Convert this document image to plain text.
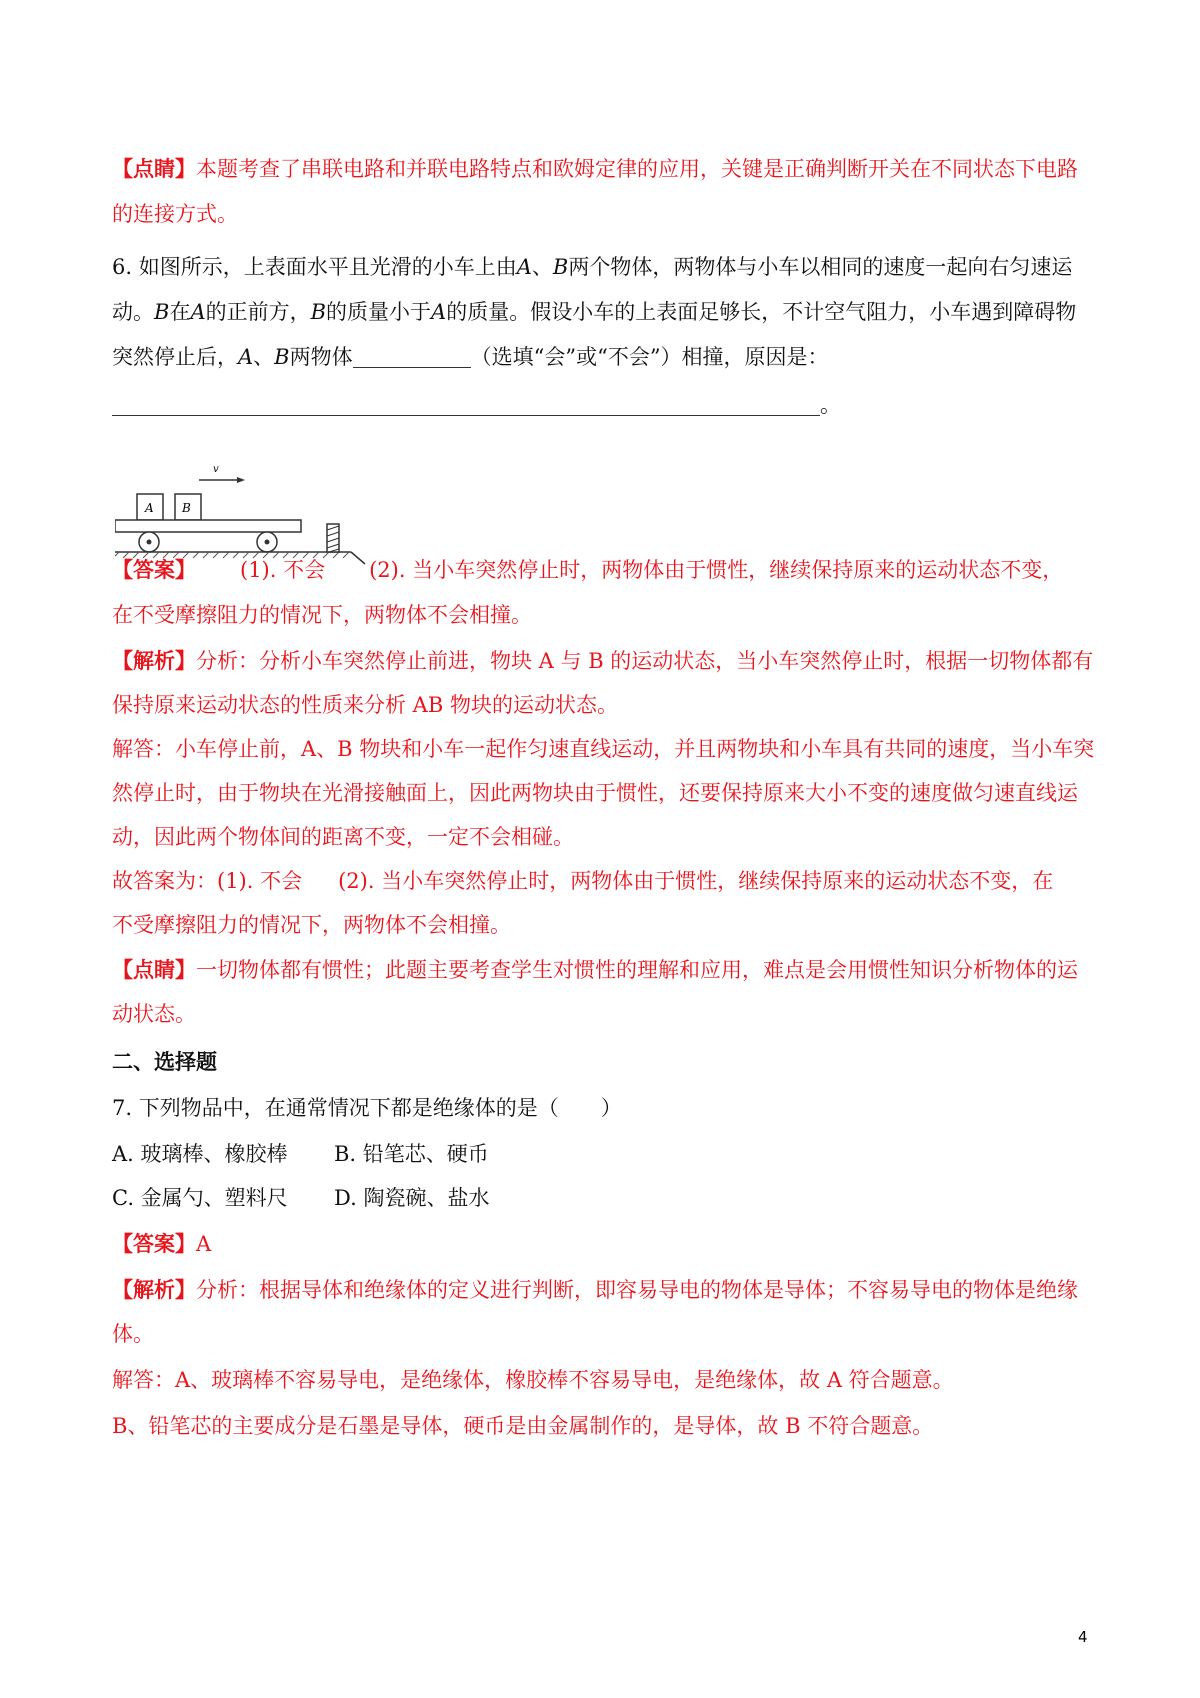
【点睛】本题考查了串联电路和并联电路特点和欧姆定律的应用，关键是正确判断开关在不同状态下电路
的连接方式。
6. 如图所示，上表面水平且光滑的小车上由A、B两个物体，两物体与小车以相同的速度一起向右匀速运
动。B在A的正前方，B的质量小于A的质量。假设小车的上表面足够长，不计空气阻力，小车遇到障碍物
突然停止后，A、B两物体	（选填“会”或“不会”）相撞，原因是：
。
v
A B
【答案】 (1). 不会 (2). 当小车突然停止时，两物体由于惯性，继续保持原来的运动状态不变，
在不受摩擦阻力的情况下，两物体不会相撞。
【解析】分析：分析小车突然停止前进，物块 A 与 B 的运动状态，当小车突然停止时，根据一切物体都有
保持原来运动状态的性质来分析 AB 物块的运动状态。
解答：小车停止前，A、B 物块和小车一起作匀速直线运动，并且两物块和小车具有共同的速度，当小车突
然停止时，由于物块在光滑接触面上，因此两物块由于惯性，还要保持原来大小不变的速度做匀速直线运
动，因此两个物体间的距离不变，一定不会相碰。
故答案为：(1). 不会 (2). 当小车突然停止时，两物体由于惯性，继续保持原来的运动状态不变，在
不受摩擦阻力的情况下，两物体不会相撞。
【点睛】一切物体都有惯性；此题主要考查学生对惯性的理解和应用，难点是会用惯性知识分析物体的运
动状态。
二、选择题
7. 下列物品中，在通常情况下都是绝缘体的是（　　）
A. 玻璃棒、橡胶棒 B. 铅笔芯、硬币
C. 金属勺、塑料尺 D. 陶瓷碗、盐水
【答案】A
【解析】分析：根据导体和绝缘体的定义进行判断，即容易导电的物体是导体；不容易导电的物体是绝缘
体。
解答：A、玻璃棒不容易导电，是绝缘体，橡胶棒不容易导电，是绝缘体，故 A 符合题意。
B、铅笔芯的主要成分是石墨是导体，硬币是由金属制作的，是导体，故 B 不符合题意。
4
